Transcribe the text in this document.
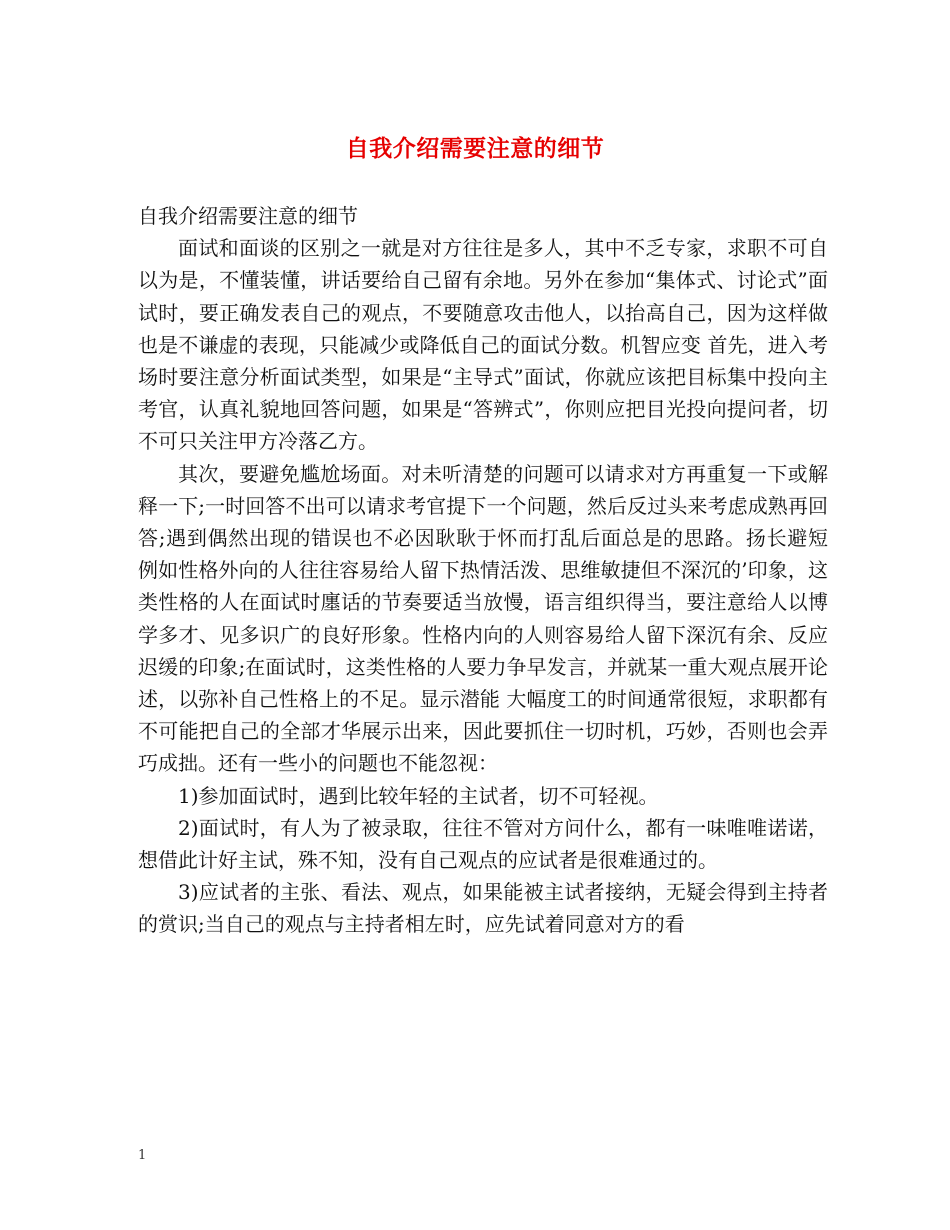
自我介绍需要注意的细节

自我介绍需要注意的细节

面试和面谈的区别之一就是对方往往是多人，其中不乏专家，求职不可自以为是，不懂装懂，讲话要给自己留有余地。另外在参加“集体式、讨论式”面试时，要正确发表自己的观点，不要随意攻击他人，以抬高自己，因为这样做也是不谦虚的表现，只能减少或降低自己的面试分数。机智应变 首先，进入考场时要注意分析面试类型，如果是“主导式”面试，你就应该把目标集中投向主考官，认真礼貌地回答问题，如果是“答辨式”，你则应把目光投向提问者，切不可只关注甲方冷落乙方。

其次，要避免尴尬场面。对未听清楚的问题可以请求对方再重复一下或解释一下;一时回答不出可以请求考官提下一个问题，然后反过头来考虑成熟再回答;遇到偶然出现的错误也不必因耿耿于怀而打乱后面总是的思路。扬长避短 例如性格外向的人往往容易给人留下热情活泼、思维敏捷但不深沉的’印象，这类性格的人在面试时廛话的节奏要适当放慢，语言组织得当，要注意给人以博学多才、见多识广的良好形象。性格内向的人则容易给人留下深沉有余、反应迟缓的印象;在面试时，这类性格的人要力争早发言，并就某一重大观点展开论述，以弥补自己性格上的不足。显示潜能 大幅度工的时间通常很短，求职都有不可能把自己的全部才华展示出来，因此要抓住一切时机，巧妙，否则也会弄巧成拙。还有一些小的问题也不能忽视：

1)参加面试时，遇到比较年轻的主试者，切不可轻视。

2)面试时，有人为了被录取，往往不管对方问什么，都有一味唯唯诺诺，想借此计好主试，殊不知，没有自己观点的应试者是很难通过的。

3)应试者的主张、看法、观点，如果能被主试者接纳，无疑会得到主持者的赏识;当自己的观点与主持者相左时，应先试着同意对方的看

1
